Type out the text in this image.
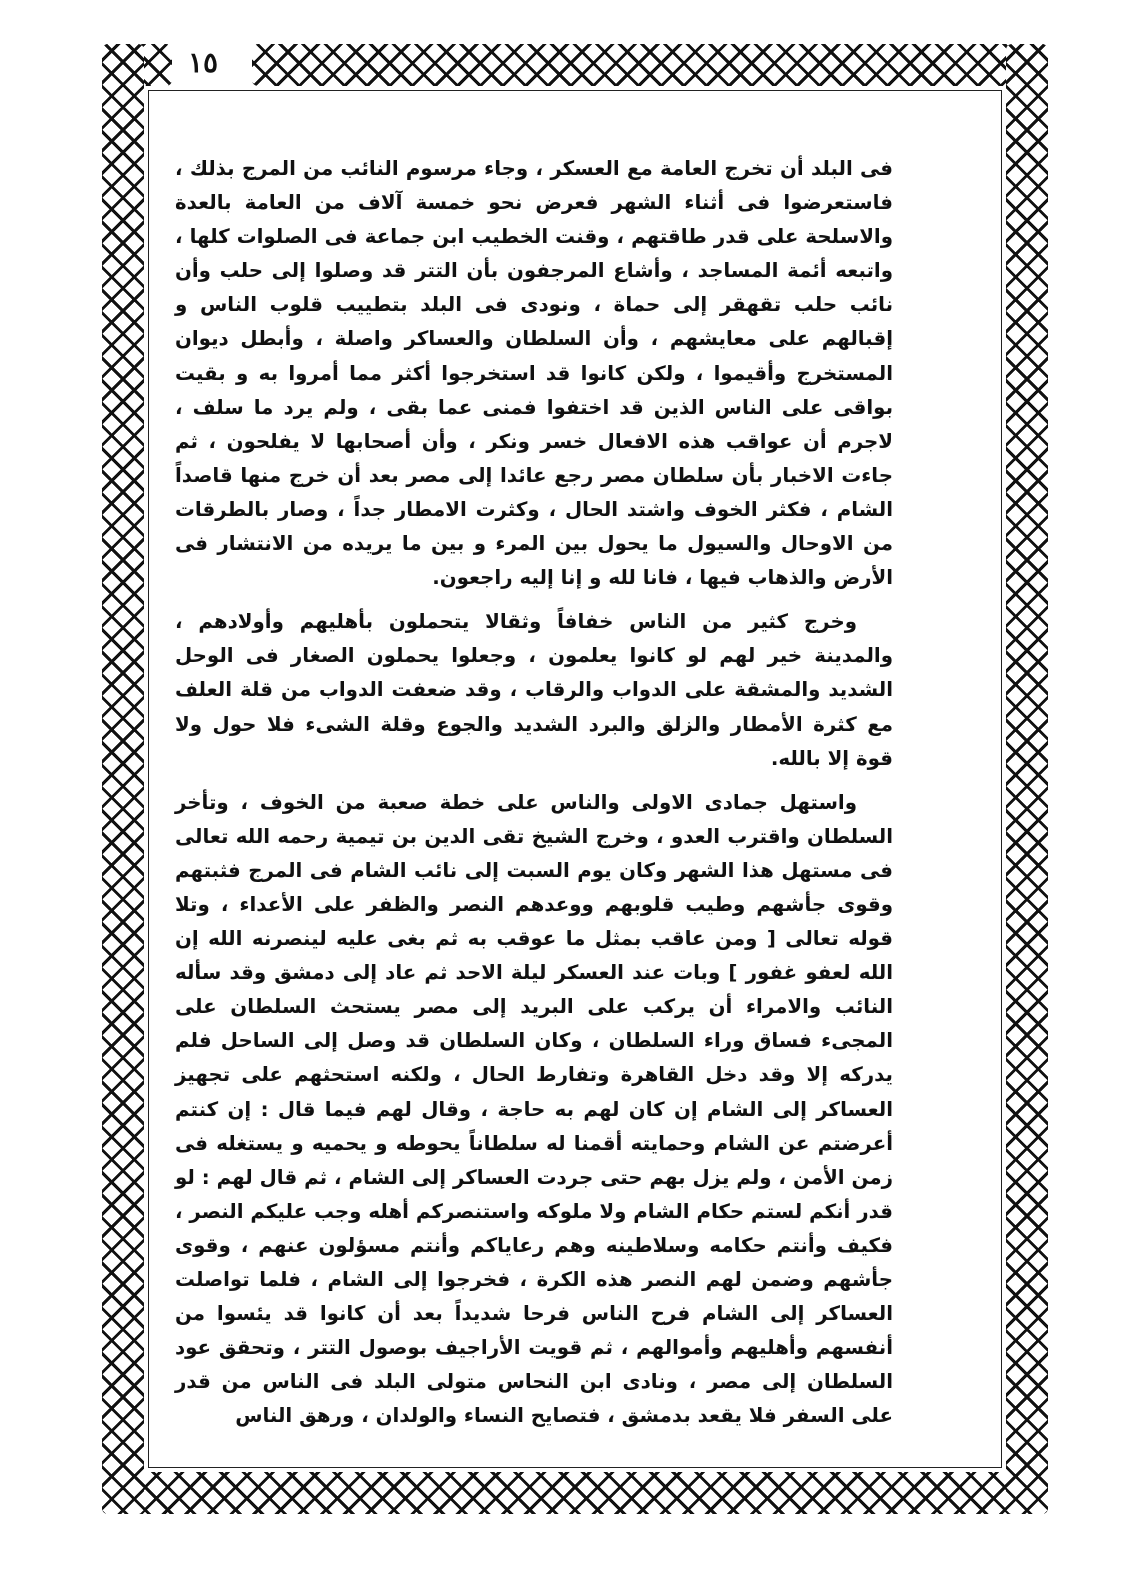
١٥

فى البلد أن تخرج العامة مع العسكر ، وجاء مرسوم النائب من المرج بذلك ، فاستعرضوا فى أثناء الشهر فعرض نحو خمسة آلاف من العامة بالعدة والاسلحة على قدر طاقتهم ، وقنت الخطيب ابن جماعة فى الصلوات كلها ، واتبعه أئمة المساجد ، وأشاع المرجفون بأن التتر قد وصلوا إلى حلب وأن نائب حلب تقهقر إلى حماة ، ونودى فى البلد بتطييب قلوب الناس و إقبالهم على معايشهم ، وأن السلطان والعساكر واصلة ، وأبطل ديوان المستخرج وأقيموا ، ولكن كانوا قد استخرجوا أكثر مما أمروا به و بقيت بواقى على الناس الذين قد اختفوا فمنى عما بقى ، ولم يرد ما سلف ، لاجرم أن عواقب هذه الافعال خسر ونكر ، وأن أصحابها لا يفلحون ، ثم جاءت الاخبار بأن سلطان مصر رجع عائدا إلى مصر بعد أن خرج منها قاصداً الشام ، فكثر الخوف واشتد الحال ، وكثرت الامطار جداً ، وصار بالطرقات من الاوحال والسيول ما يحول بين المرء و بين ما يريده من الانتشار فى الأرض والذهاب فيها ، فانا لله و إنا إليه راجعون.

وخرج كثير من الناس خفافاً وثقالا يتحملون بأهليهم وأولادهم ، والمدينة خير لهم لو كانوا يعلمون ، وجعلوا يحملون الصغار فى الوحل الشديد والمشقة على الدواب والرقاب ، وقد ضعفت الدواب من قلة العلف مع كثرة الأمطار والزلق والبرد الشديد والجوع وقلة الشىء فلا حول ولا قوة إلا بالله.

واستهل جمادى الاولى والناس على خطة صعبة من الخوف ، وتأخر السلطان واقترب العدو ، وخرج الشيخ تقى الدين بن تيمية رحمه الله تعالى فى مستهل هذا الشهر وكان يوم السبت إلى نائب الشام فى المرج فثبتهم وقوى جأشهم وطيب قلوبهم ووعدهم النصر والظفر على الأعداء ، وتلا قوله تعالى [ ومن عاقب بمثل ما عوقب به ثم بغى عليه لينصرنه الله إن الله لعفو غفور ] وبات عند العسكر ليلة الاحد ثم عاد إلى دمشق وقد سأله النائب والامراء أن يركب على البريد إلى مصر يستحث السلطان على المجىء فساق وراء السلطان ، وكان السلطان قد وصل إلى الساحل فلم يدركه إلا وقد دخل القاهرة وتفارط الحال ، ولكنه استحثهم على تجهيز العساكر إلى الشام إن كان لهم به حاجة ، وقال لهم فيما قال : إن كنتم أعرضتم عن الشام وحمايته أقمنا له سلطاناً يحوطه و يحميه و يستغله فى زمن الأمن ، ولم يزل بهم حتى جردت العساكر إلى الشام ، ثم قال لهم : لو قدر أنكم لستم حكام الشام ولا ملوكه واستنصركم أهله وجب عليكم النصر ، فكيف وأنتم حكامه وسلاطينه وهم رعاياكم وأنتم مسؤلون عنهم ، وقوى جأشهم وضمن لهم النصر هذه الكرة ، فخرجوا إلى الشام ، فلما تواصلت العساكر إلى الشام فرح الناس فرحا شديداً بعد أن كانوا قد يئسوا من أنفسهم وأهليهم وأموالهم ، ثم قويت الأراجيف بوصول التتر ، وتحقق عود السلطان إلى مصر ، ونادى ابن النحاس متولى البلد فى الناس من قدر على السفر فلا يقعد بدمشق ، فتصايح النساء والولدان ، ورهق الناس
